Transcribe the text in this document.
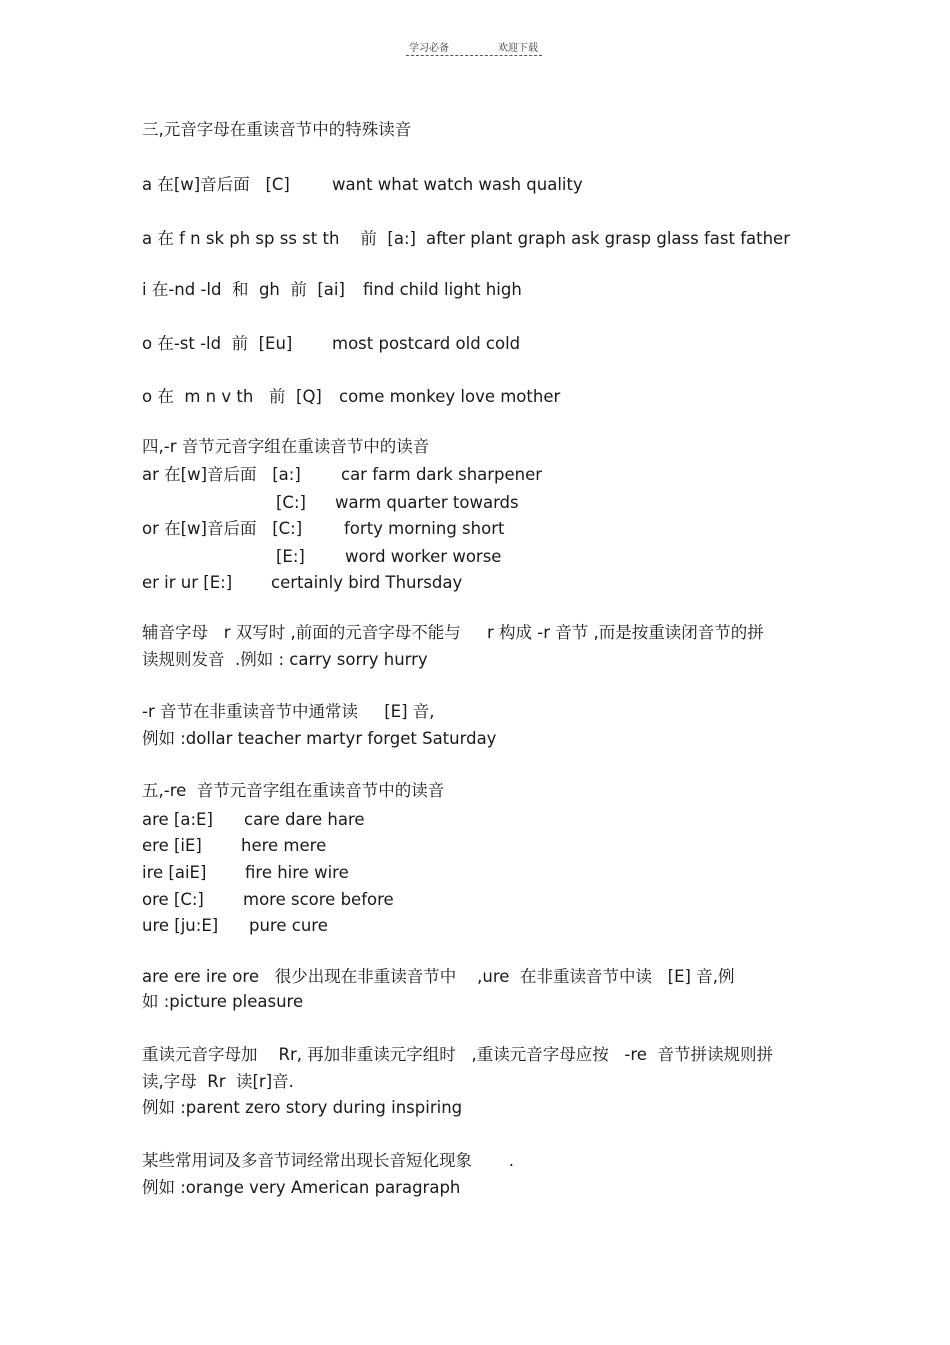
学习必备	欢迎下载
三,元音字母在重读音节中的特殊读音
a 在[w]音后面   [C]	want what watch wash quality
a 在 f n sk ph sp ss st th    前  [a:] after plant graph ask grasp glass fast father
i 在-nd -ld  和  gh  前  [ai] find child light high
o 在-st -ld  前  [Eu] most postcard old cold
o 在  m n v th   前  [Q] come monkey love mother
四,-r 音节元音字组在重读音节中的读音
ar 在[w]音后面   [a:] car farm dark sharpener
[C:] warm quarter towards
or 在[w]音后面   [C:]	forty morning short
[E:] word worker worse
er ir ur [E:] certainly bird Thursday
辅音字母   r 双写时 ,前面的元音字母不能与     r 构成 -r 音节 ,而是按重读闭音节的拼
读规则发音  .例如 : carry sorry hurry
-r 音节在非重读音节中通常读     [E] 音,
例如 :dollar teacher martyr forget Saturday
五,-re  音节元音字组在重读音节中的读音
are [a:E] care dare hare
ere [iE] here mere
ire [aiE] fire hire wire
ore [C:] more score before
ure [ju:E] pure cure
are ere ire ore   很少出现在非重读音节中    ,ure  在非重读音节中读   [E] 音,例
如 :picture pleasure
重读元音字母加    Rr, 再加非重读元字组时   ,重读元音字母应按   -re  音节拼读规则拼
读,字母  Rr  读[r]音.
例如 :parent zero story during inspiring
某些常用词及多音节词经常出现长音短化现象       .
例如 :orange very American paragraph
